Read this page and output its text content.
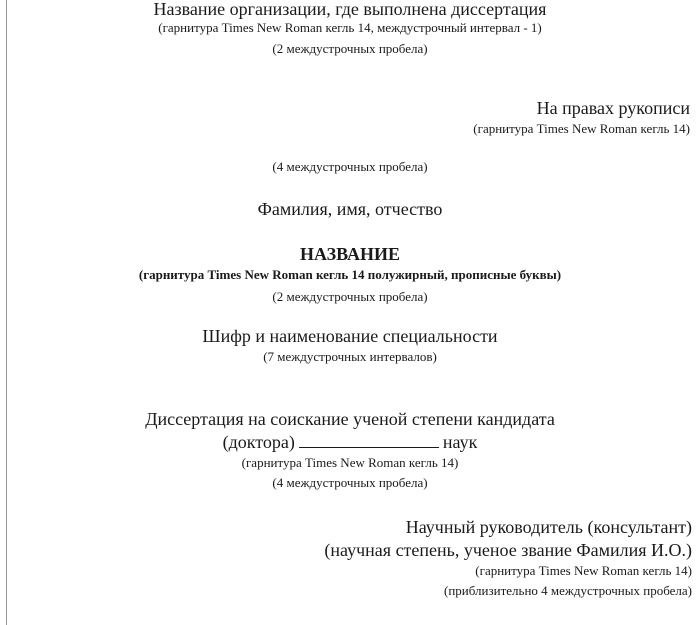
Название организации, где выполнена диссертация
(гарнитура Times New Roman кегль 14, междустрочный интервал - 1)
(2 междустрочных пробела)
На правах рукописи
(гарнитура Times New Roman кегль 14)
(4 междустрочных пробела)
Фамилия, имя, отчество
НАЗВАНИЕ
(гарнитура Times New Roman кегль 14 полужирный, прописные буквы)
(2 междустрочных пробела)
Шифр и наименование специальности
(7 междустрочных интервалов)
Диссертация на соискание ученой степени кандидата
(доктора)	наук
(гарнитура Times New Roman кегль 14)
(4 междустрочных пробела)
Научный руководитель (консультант)
(научная степень, ученое звание Фамилия И.О.)
(гарнитура Times New Roman кегль 14)
(приблизительно 4 междустрочных пробела)
